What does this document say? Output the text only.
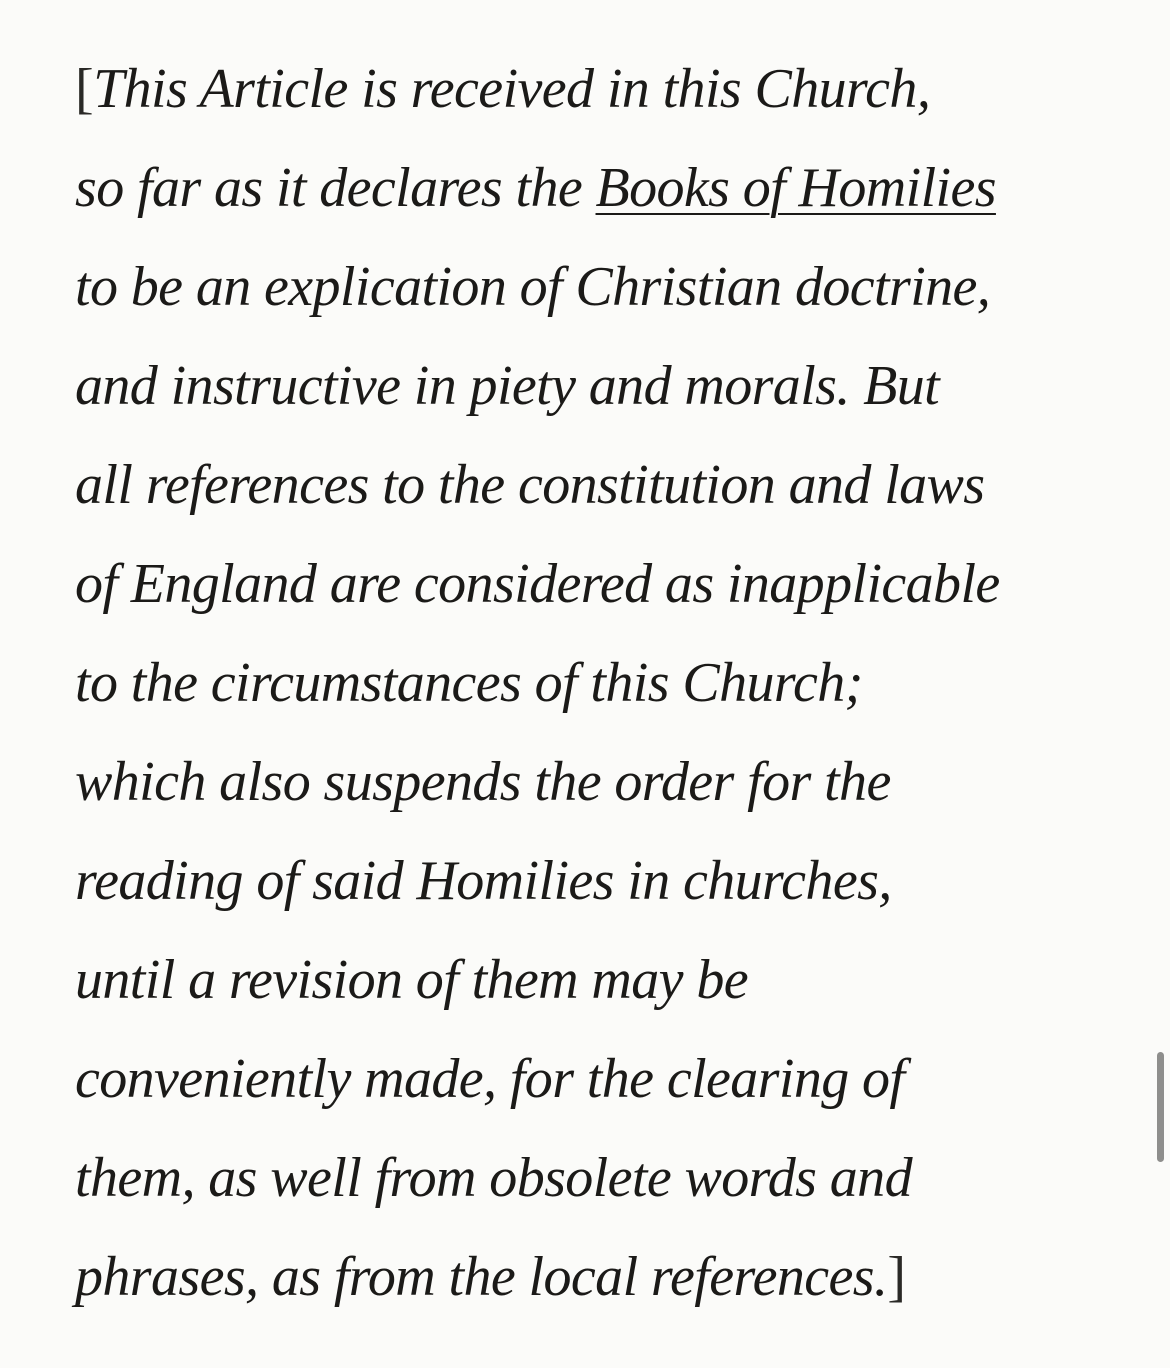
[This Article is received in this Church,
so far as it declares the Books of Homilies
to be an explication of Christian doctrine,
and instructive in piety and morals. But
all references to the constitution and laws
of England are considered as inapplicable
to the circumstances of this Church;
which also suspends the order for the
reading of said Homilies in churches,
until a revision of them may be
conveniently made, for the clearing of
them, as well from obsolete words and
phrases, as from the local references.]
